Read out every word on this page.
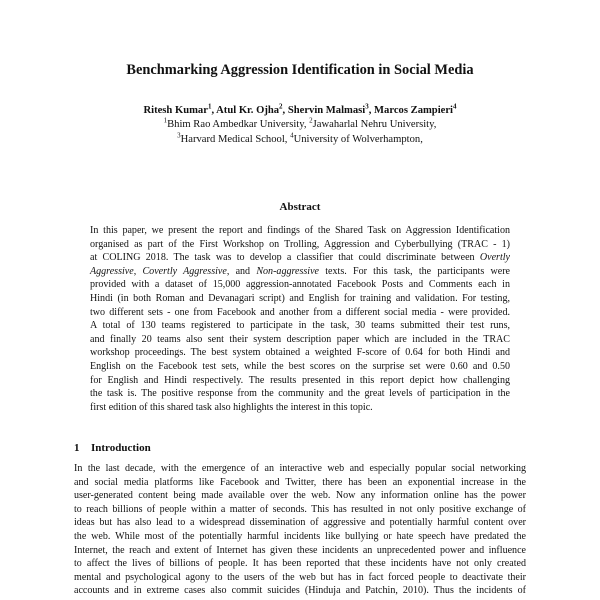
Benchmarking Aggression Identification in Social Media
Ritesh Kumar$^1$, Atul Kr. Ojha$^2$, Shervin Malmasi$^3$, Marcos Zampieri$^4$
$^1$Bhim Rao Ambedkar University, $^2$Jawaharlal Nehru University,
$^3$Harvard Medical School, $^4$University of Wolverhampton,
Abstract
In this paper, we present the report and findings of the Shared Task on Aggression Identification
organised as part of the First Workshop on Trolling, Aggression and Cyberbullying (TRAC - 1)
at COLING 2018. The task was to develop a classifier that could discriminate between Overtly
Aggressive, Covertly Aggressive, and Non-aggressive texts. For this task, the participants were
provided with a dataset of 15,000 aggression-annotated Facebook Posts and Comments each in
Hindi (in both Roman and Devanagari script) and English for training and validation. For testing,
two different sets - one from Facebook and another from a different social media - were provided.
A total of 130 teams registered to participate in the task, 30 teams submitted their test runs,
and finally 20 teams also sent their system description paper which are included in the TRAC
workshop proceedings. The best system obtained a weighted F-score of 0.64 for both Hindi and
English on the Facebook test sets, while the best scores on the surprise set were 0.60 and 0.50
for English and Hindi respectively. The results presented in this report depict how challenging
the task is. The positive response from the community and the great levels of participation in the
first edition of this shared task also highlights the interest in this topic.
1 Introduction
In the last decade, with the emergence of an interactive web and especially popular social networking
and social media platforms like Facebook and Twitter, there has been an exponential increase in the
user-generated content being made available over the web. Now any information online has the power
to reach billions of people within a matter of seconds. This has resulted in not only positive exchange of
ideas but has also lead to a widespread dissemination of aggressive and potentially harmful content over
the web. While most of the potentially harmful incidents like bullying or hate speech have predated the
Internet, the reach and extent of Internet has given these incidents an unprecedented power and influence
to affect the lives of billions of people. It has been reported that these incidents have not only created
mental and psychological agony to the users of the web but has in fact forced people to deactivate their
accounts and in extreme cases also commit suicides (Hinduja and Patchin, 2010). Thus the incidents of
